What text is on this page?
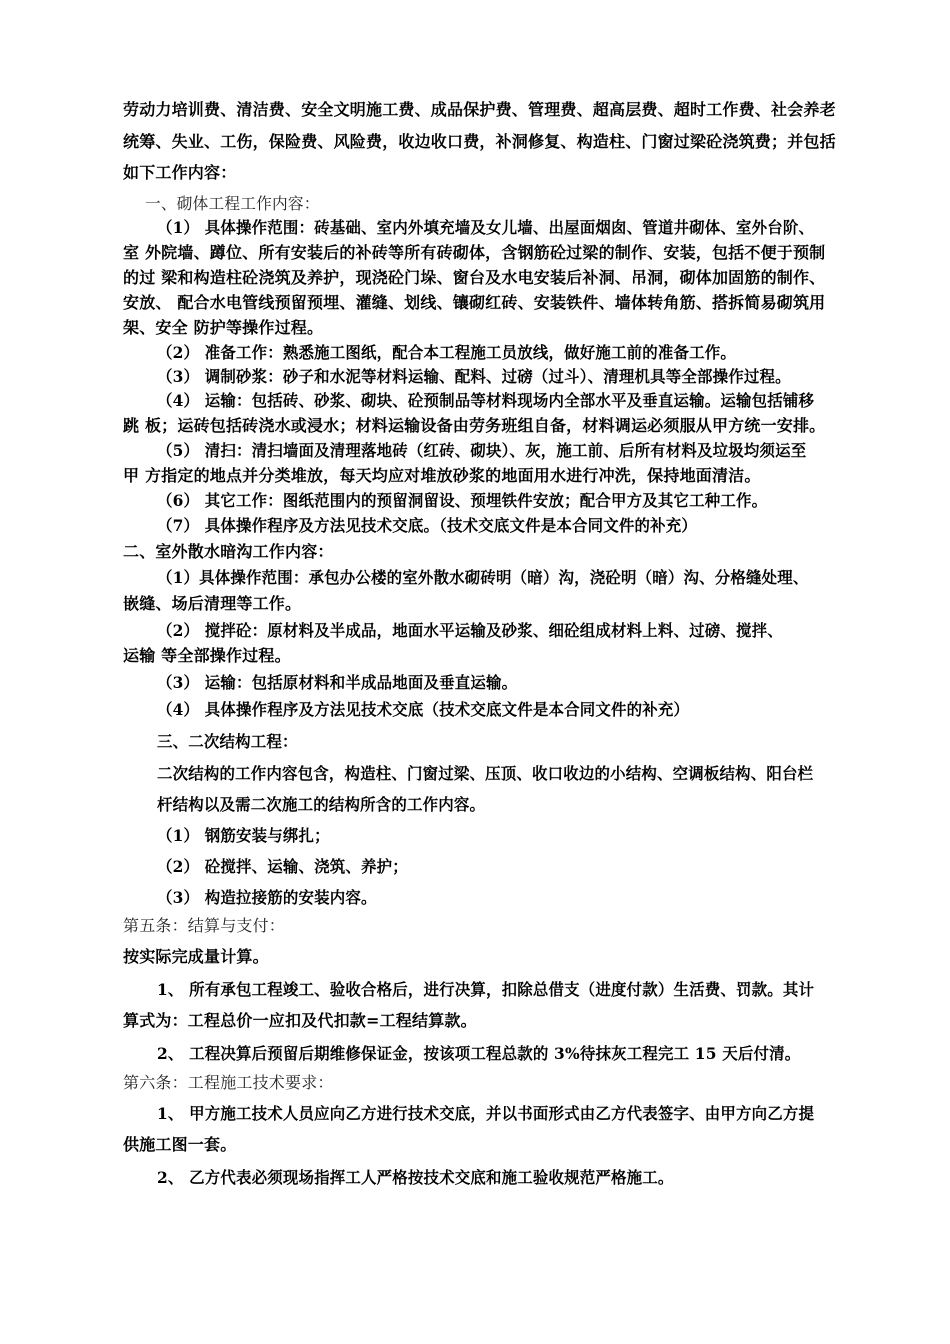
劳动力培训费、清洁费、安全文明施工费、成品保护费、管理费、超高层费、超时工作费、社会养老
统筹、失业、工伤，保险费、风险费，收边收口费，补洞修复、构造柱、门窗过梁砼浇筑费；并包括
如下工作内容：
一、砌体工程工作内容：
（1） 具体操作范围：砖基础、室内外填充墙及女儿墙、出屋面烟囱、管道井砌体、室外台阶、
室 外院墙、蹲位、所有安装后的补砖等所有砖砌体，含钢筋砼过梁的制作、安装，包括不便于预制
的过 梁和构造柱砼浇筑及养护，现浇砼门垛、窗台及水电安装后补洞、吊洞，砌体加固筋的制作、
安放、 配合水电管线预留预埋、灌缝、划线、镶砌红砖、安装铁件、墙体转角筋、搭拆简易砌筑用
架、安全 防护等操作过程。
（2） 准备工作：熟悉施工图纸，配合本工程施工员放线，做好施工前的准备工作。
（3） 调制砂浆：砂子和水泥等材料运输、配料、过磅（过斗）、清理机具等全部操作过程。
（4） 运输：包括砖、砂浆、砌块、砼预制品等材料现场内全部水平及垂直运输。运输包括铺移
跳 板；运砖包括砖浇水或浸水；材料运输设备由劳务班组自备，材料调运必须服从甲方统一安排。
（5） 清扫：清扫墙面及清理落地砖（红砖、砌块）、灰，施工前、后所有材料及垃圾均须运至
甲 方指定的地点并分类堆放，每天均应对堆放砂浆的地面用水进行冲洗，保持地面清洁。
（6） 其它工作：图纸范围内的预留洞留设、预埋铁件安放；配合甲方及其它工种工作。
（7） 具体操作程序及方法见技术交底。（技术交底文件是本合同文件的补充）
二、室外散水暗沟工作内容：
（1）具体操作范围：承包办公楼的室外散水砌砖明（暗）沟，浇砼明（暗）沟、分格缝处理、
嵌缝、场后清理等工作。
（2） 搅拌砼：原材料及半成品，地面水平运输及砂浆、细砼组成材料上料、过磅、搅拌、
运输 等全部操作过程。
（3） 运输：包括原材料和半成品地面及垂直运输。
（4） 具体操作程序及方法见技术交底（技术交底文件是本合同文件的补充）
三、二次结构工程：
二次结构的工作内容包含，构造柱、门窗过梁、压顶、收口收边的小结构、空调板结构、阳台栏
杆结构以及需二次施工的结构所含的工作内容。
（1） 钢筋安装与绑扎；
（2） 砼搅拌、运输、浇筑、养护；
（3） 构造拉接筋的安装内容。
第五条：结算与支付：
按实际完成量计算。
1、 所有承包工程竣工、验收合格后，进行决算，扣除总借支（进度付款）生活费、罚款。其计
算式为：工程总价一应扣及代扣款=工程结算款。
2、 工程决算后预留后期维修保证金，按该项工程总款的 3%待抹灰工程完工 15 天后付清。
第六条：工程施工技术要求：
1、 甲方施工技术人员应向乙方进行技术交底，并以书面形式由乙方代表签字、由甲方向乙方提
供施工图一套。
2、 乙方代表必须现场指挥工人严格按技术交底和施工验收规范严格施工。
